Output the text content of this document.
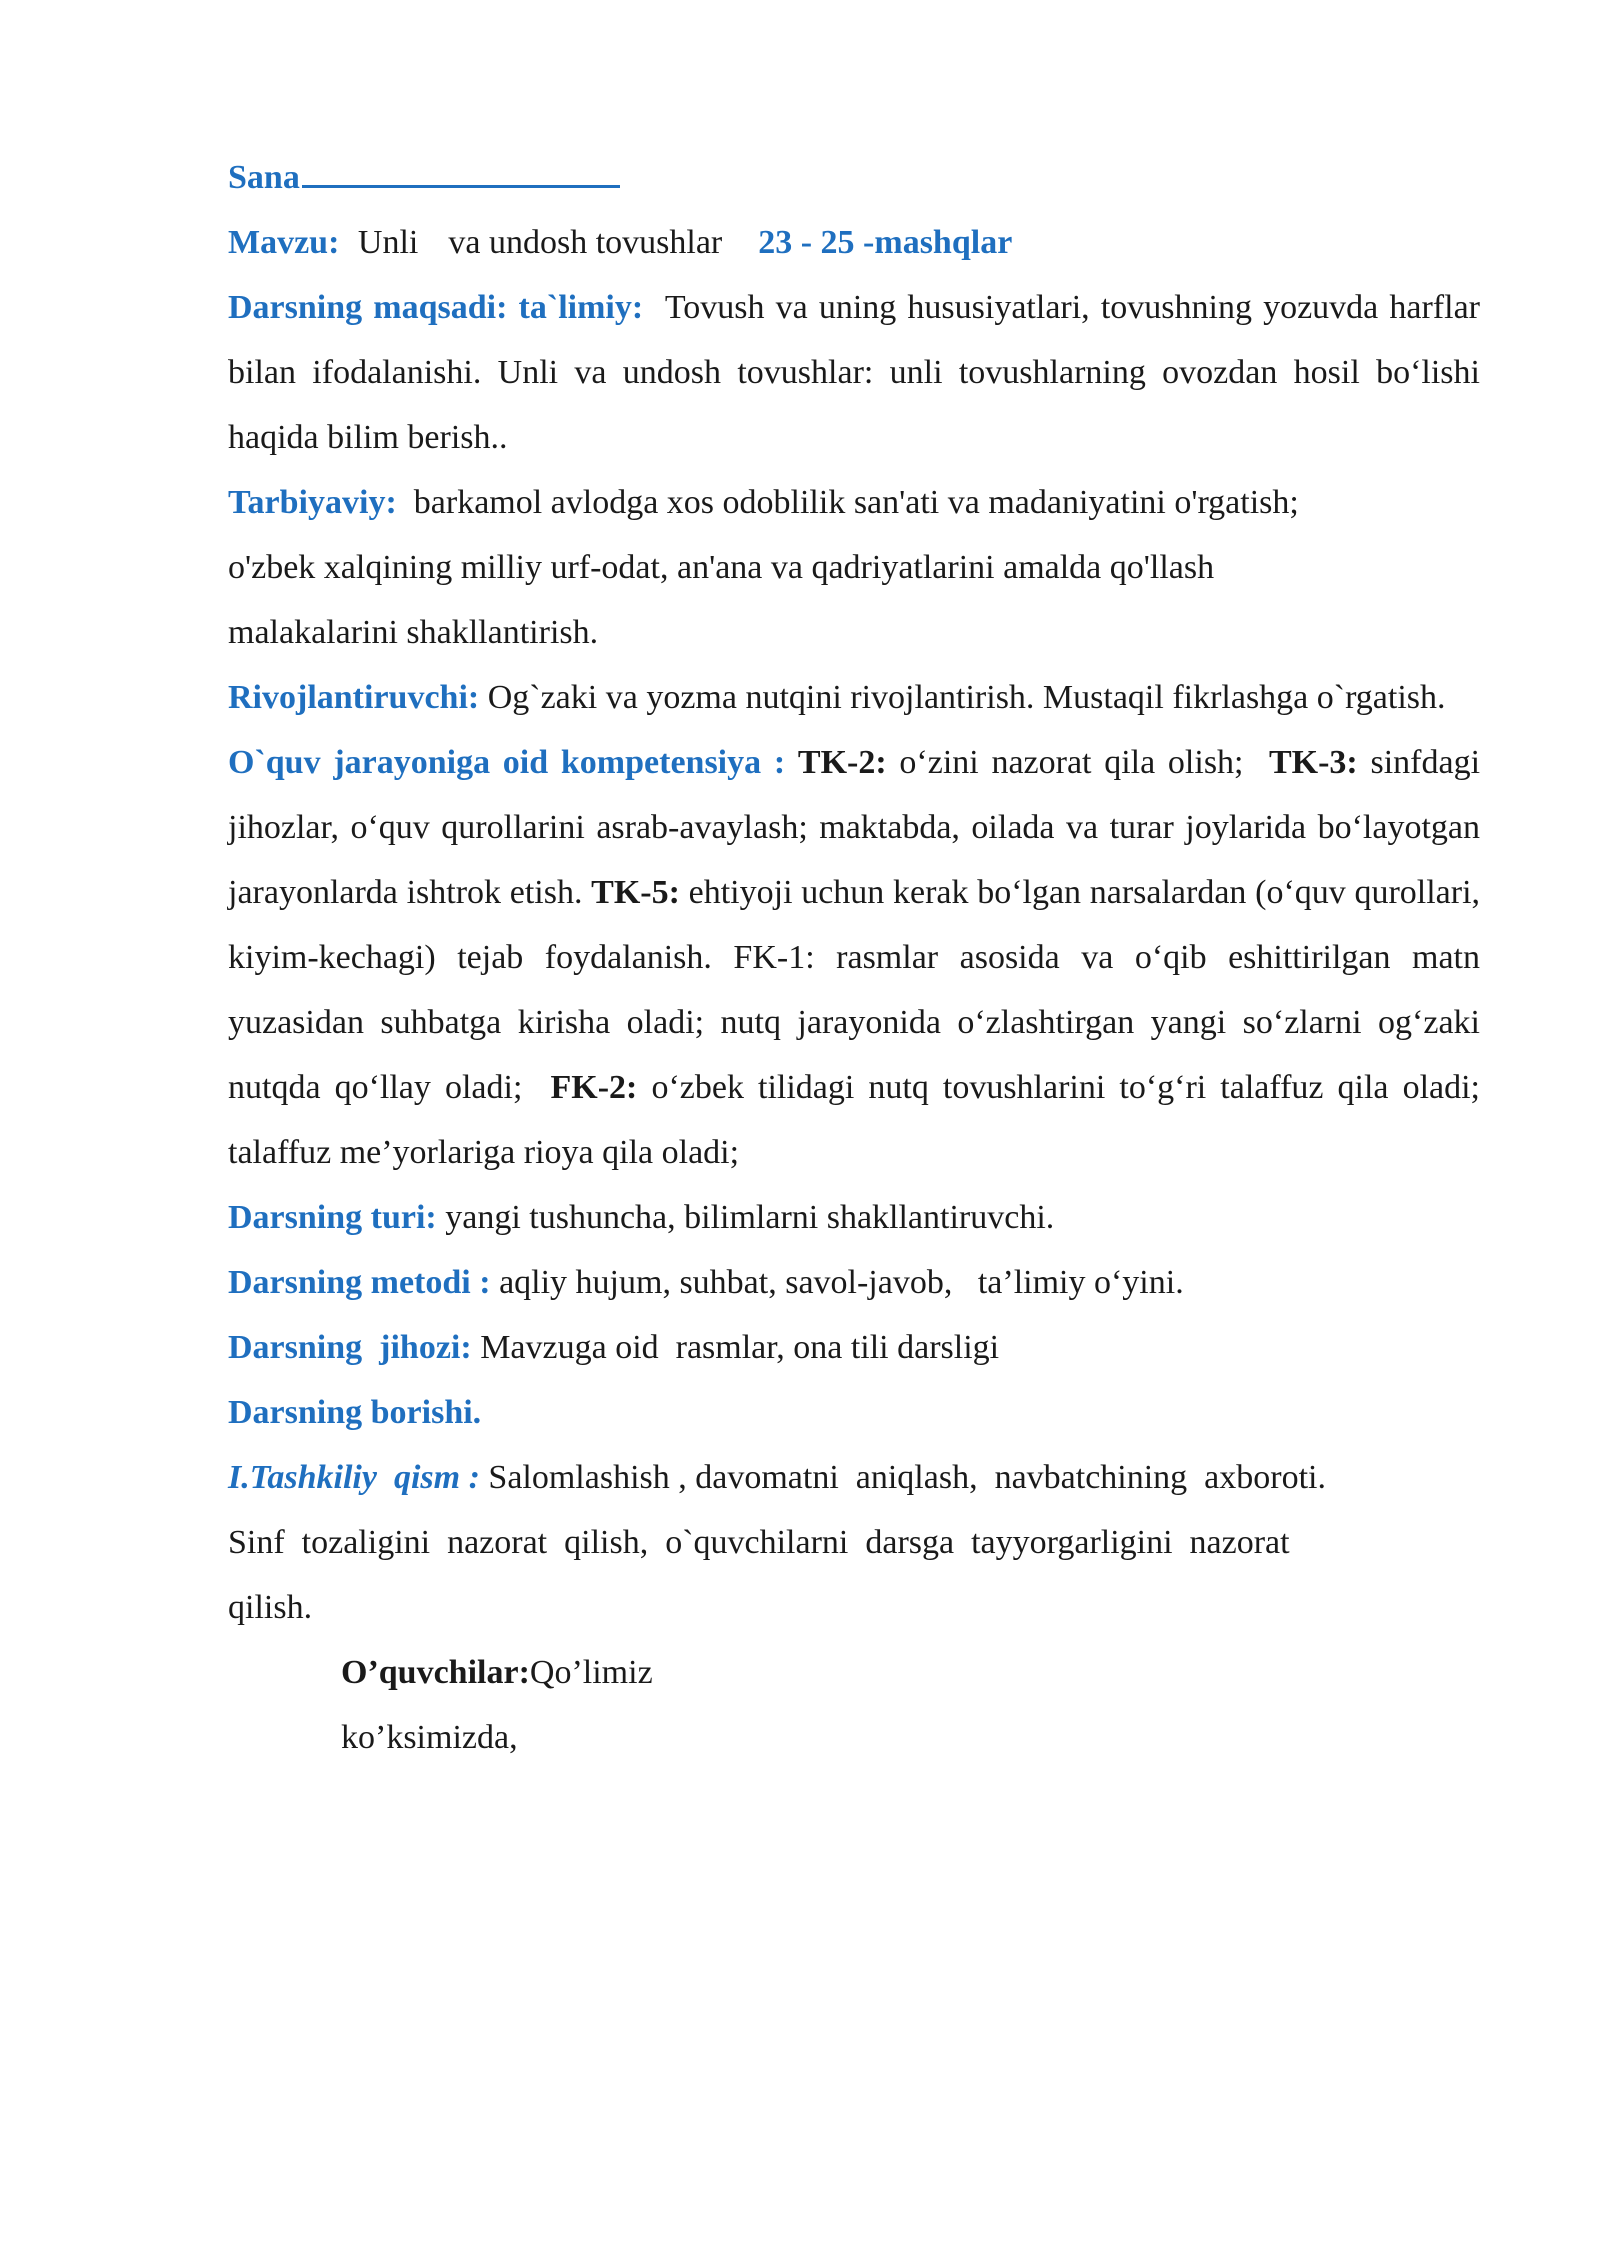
Sana

Mavzu: Unli va undosh tovushlar 23 - 25 -mashqlar

Darsning maqsadi: ta`limiy: Tovush va uning hususiyatlari, tovushning yozuvda harflar bilan ifodalanishi. Unli va undosh tovushlar: unli tovushlarning ovozdan hosil bo‘lishi haqida bilim berish..

Tarbiyaviy: barkamol avlodga xos odoblilik san'ati va madaniyatini o'rgatish;

o'zbek xalqining milliy urf-odat, an'ana va qadriyatlarini amalda qo'llash

malakalarini shakllantirish.

Rivojlantiruvchi: Og`zaki va yozma nutqini rivojlantirish. Mustaqil fikrlashga o`rgatish.

O`quv jarayoniga oid kompetensiya : TK-2: o‘zini nazorat qila olish; TK-3: sinfdagi jihozlar, o‘quv qurollarini asrab-avaylash; maktabda, oilada va turar joylarida bo‘layotgan jarayonlarda ishtrok etish. TK-5: ehtiyoji uchun kerak bo‘lgan narsalardan (o‘quv qurollari, kiyim-kechagi) tejab foydalanish. FK-1: rasmlar asosida va o‘qib eshittirilgan matn yuzasidan suhbatga kirisha oladi; nutq jarayonida o‘zlashtirgan yangi so‘zlarni og‘zaki nutqda qo‘llay oladi; FK-2: o‘zbek tilidagi nutq tovushlarini to‘g‘ri talaffuz qila oladi; talaffuz me’yorlariga rioya qila oladi;

Darsning turi: yangi tushuncha, bilimlarni shakllantiruvchi.

Darsning metodi : aqliy hujum, suhbat, savol-javob,   ta’limiy o‘yini.

Darsning  jihozi: Mavzuga oid  rasmlar, ona tili darsligi

Darsning borishi.

I.Tashkiliy  qism : Salomlashish , davomatni  aniqlash,  navbatchining  axboroti.

Sinf  tozaligini  nazorat  qilish,  o`quvchilarni  darsga  tayyorgarligini  nazorat

qilish.

O’quvchilar:Qo’limiz

ko’ksimizda,
